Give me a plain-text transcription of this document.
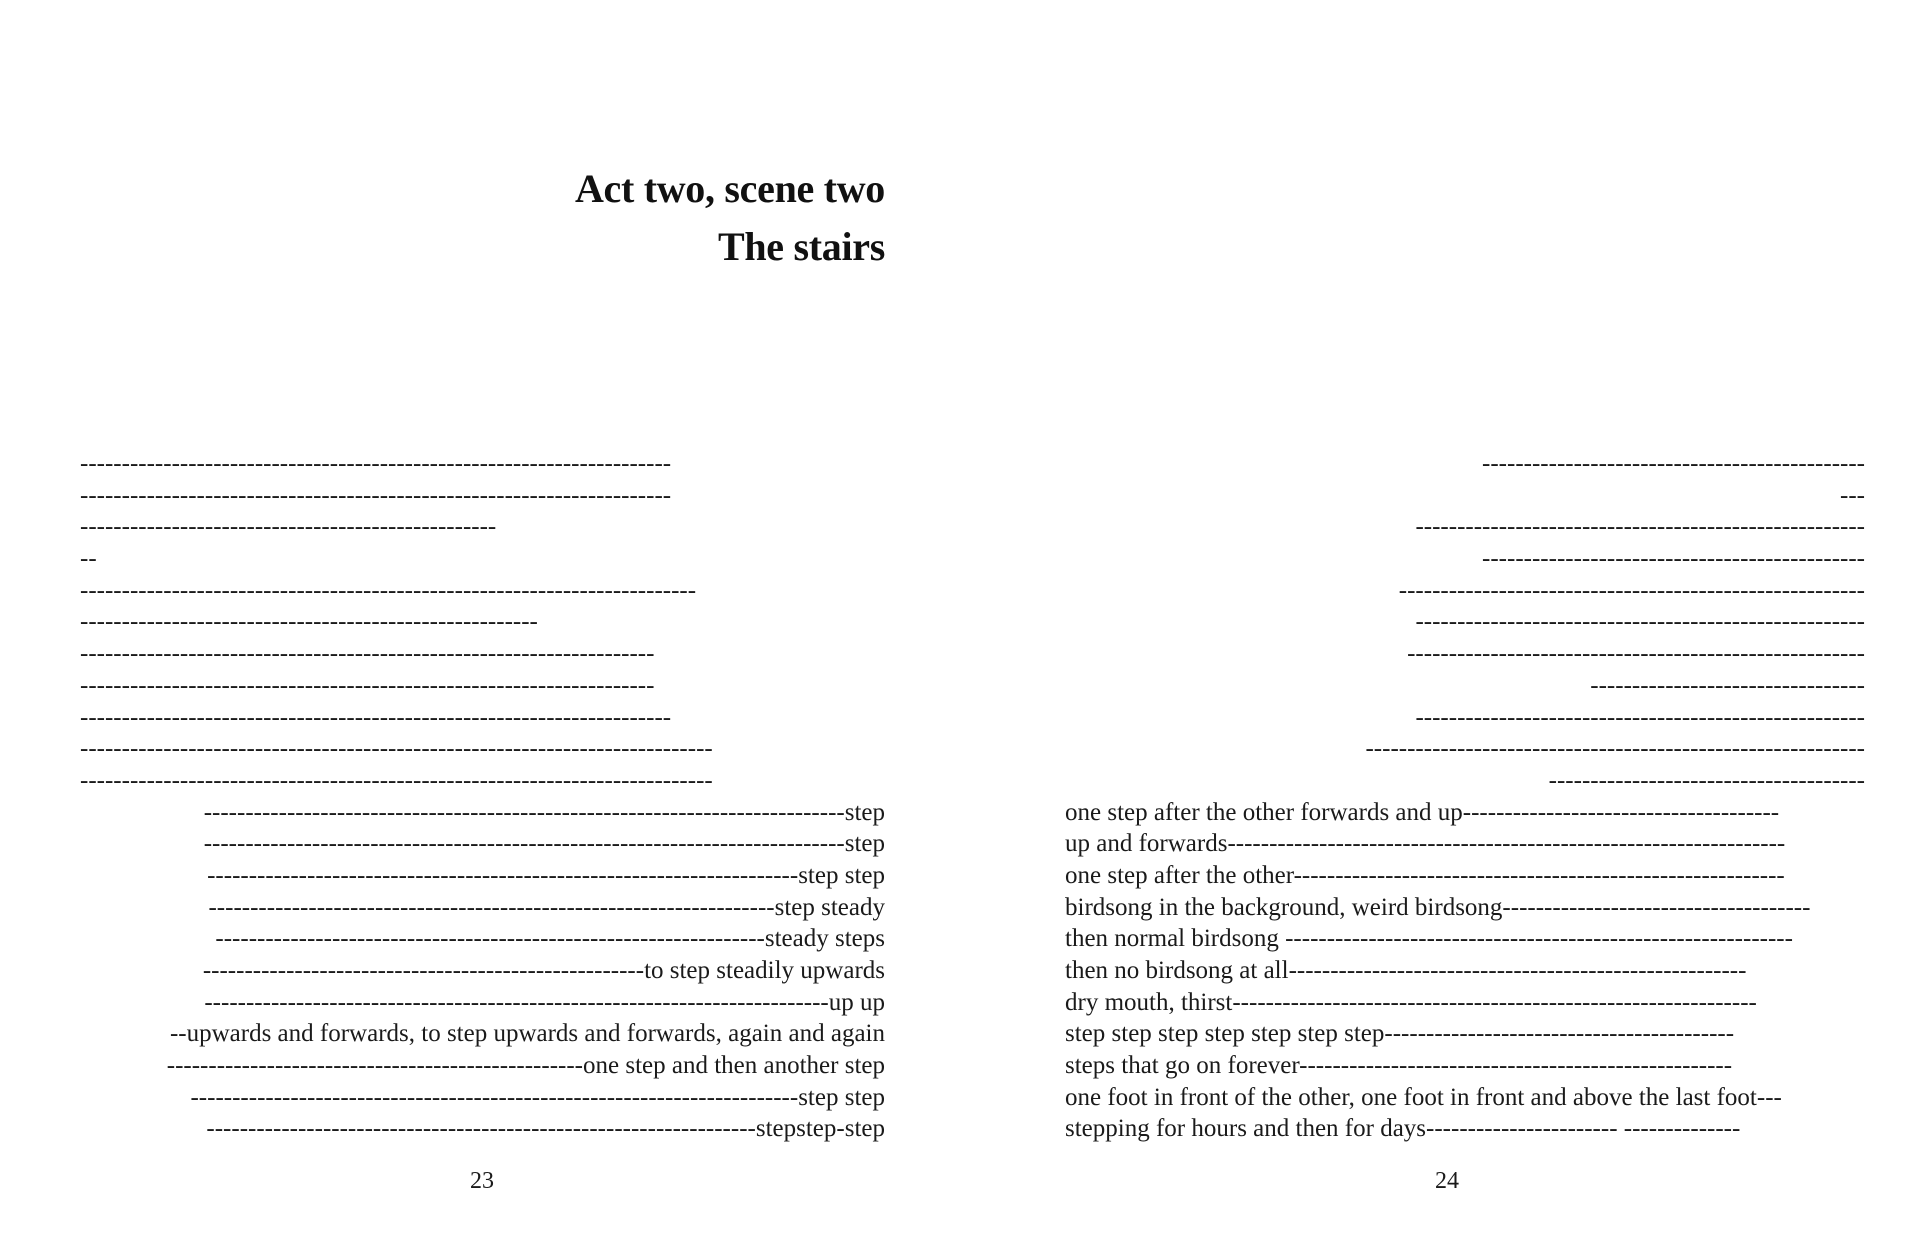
Act two, scene two
The stairs
-----------------------------------------------------------------------
-----------------------------------------------------------------------
--------------------------------------------------
--
--------------------------------------------------------------------------
-------------------------------------------------------
---------------------------------------------------------------------
---------------------------------------------------------------------
-----------------------------------------------------------------------
----------------------------------------------------------------------------
----------------------------------------------------------------------------
-----------------------------------------------------------------------------step
-----------------------------------------------------------------------------step
-----------------------------------------------------------------------step step
--------------------------------------------------------------------step steady
------------------------------------------------------------------steady steps
-----------------------------------------------------to step steadily upwards
---------------------------------------------------------------------------up up
--upwards and forwards, to step upwards and forwards, again and again
--------------------------------------------------one step and then another step
-------------------------------------------------------------------------step step
------------------------------------------------------------------stepstep-step
23
----------------------------------------------
---
------------------------------------------------------
----------------------------------------------
--------------------------------------------------------
------------------------------------------------------
-------------------------------------------------------
---------------------------------
------------------------------------------------------
------------------------------------------------------------
--------------------------------------
one step after the other forwards and up--------------------------------------
up and forwards-------------------------------------------------------------------
one step after the other-----------------------------------------------------------
birdsong in the background, weird birdsong-------------------------------------
then normal birdsong -------------------------------------------------------------
then no birdsong at all-------------------------------------------------------
dry mouth, thirst---------------------------------------------------------------
step step step step step step step------------------------------------------
steps that go on forever----------------------------------------------------
one foot in front of the other, one foot in front and above the last foot---
stepping for hours and then for days----------------------- --------------
24
